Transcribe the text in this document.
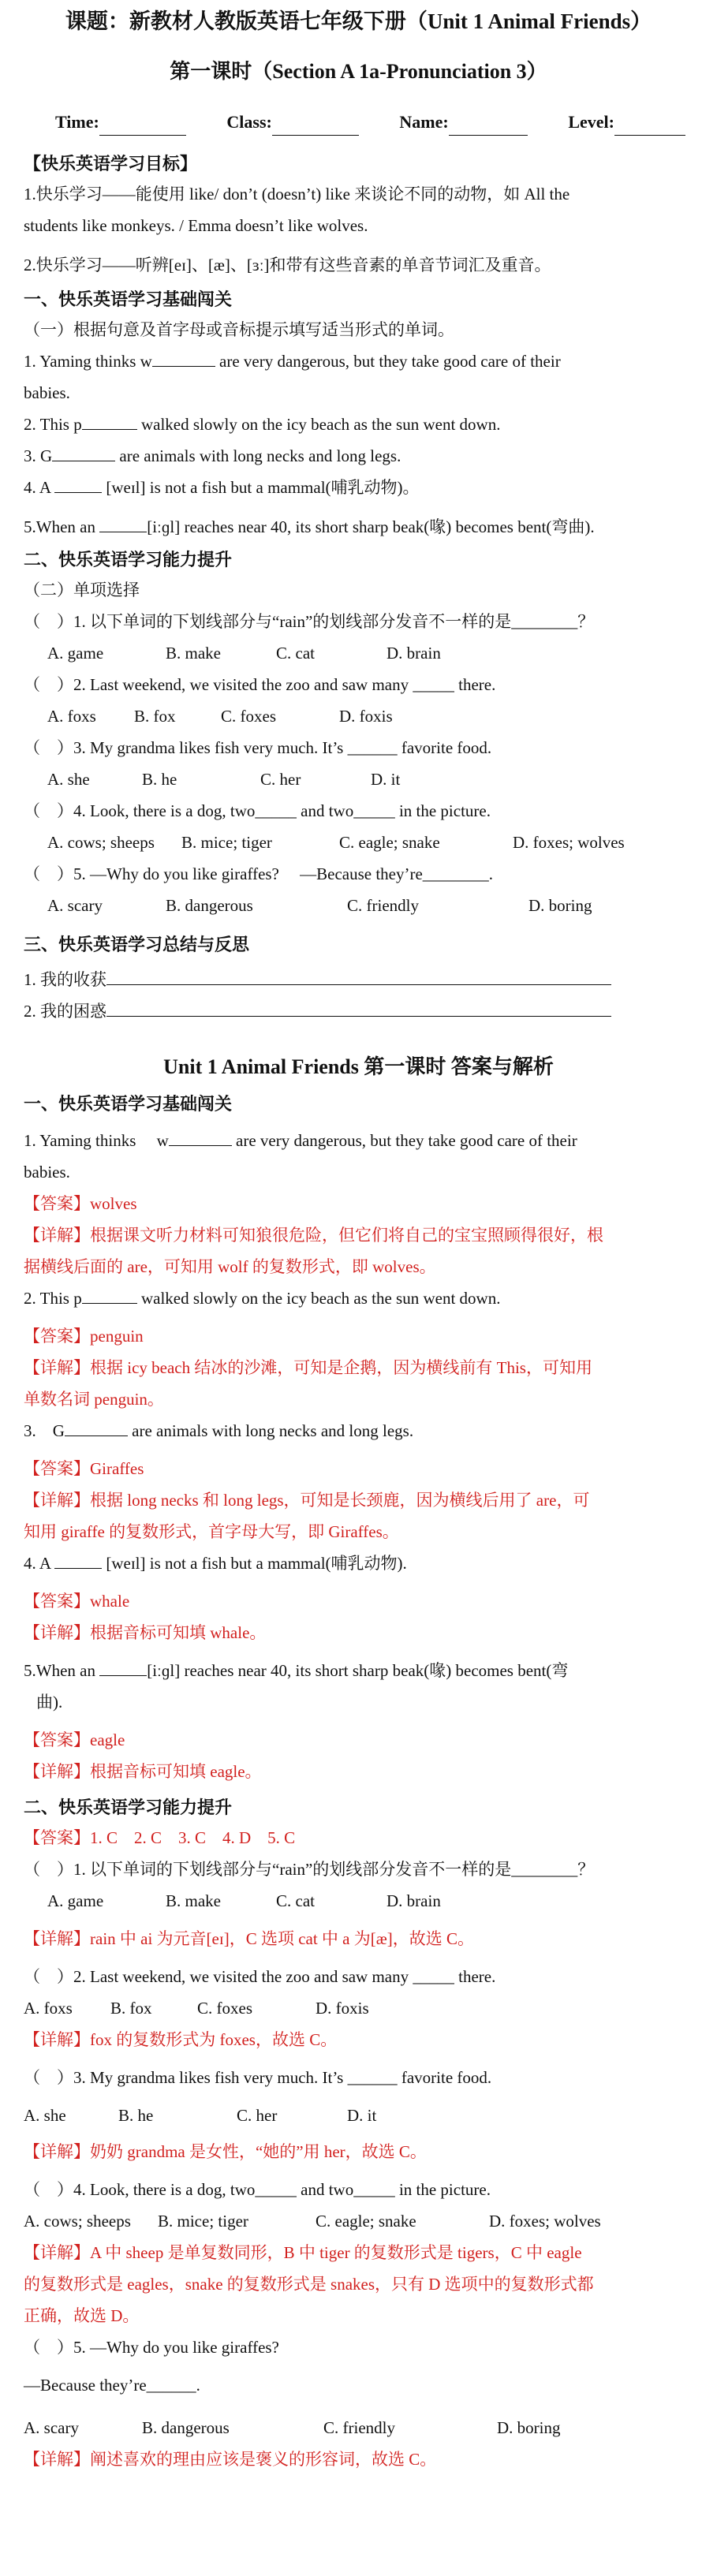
课题：新教材人教版英语七年级下册（Unit 1 Animal Friends）

第一课时（Section A 1a-Pronunciation 3）

Time:	Class:	Name:	Level:

【快乐英语学习目标】

1.快乐学习——能使用 like/ don’t (doesn’t) like 来谈论不同的动物，如 All the

students like monkeys. / Emma doesn’t like wolves.

2.快乐学习——听辨[eɪ]、[æ]、[ɜː]和带有这些音素的单音节词汇及重音。

一、快乐英语学习基础闯关

（一）根据句意及首字母或音标提示填写适当形式的单词。

1. Yaming thinks w	are very dangerous, but they take good care of their

babies.

2. This p	walked slowly on the icy beach as the sun went down.

3. G	are animals with long necks and long legs.

4. A	[weɪl] is not a fish but a mammal(哺乳动物)。

5.When an	[iːɡl] reaches near 40, its short sharp beak(喙) becomes bent(弯曲).

二、快乐英语学习能力提升

（二）单项选择

（　）1. 以下单词的下划线部分与“rain”的划线部分发音不一样的是________？

A. game	B. make	C. cat	D. brain

（　）2. Last weekend, we visited the zoo and saw many _____ there.

A. foxs	B. fox	C. foxes	D. foxis

（　）3. My grandma likes fish very much. It’s ______ favorite food.

A. she	B. he	C. her	D. it

（　）4. Look, there is a dog, two_____ and two_____ in the picture.

A. cows; sheeps	B. mice; tiger	C. eagle; snake	D. foxes; wolves

（　）5. —Why do you like giraffes?　 —Because they’re________.

A. scary	B. dangerous	C. friendly	D. boring

三、快乐英语学习总结与反思

1. 我的收获

2. 我的困惑

Unit 1 Animal Friends 第一课时 答案与解析

一、快乐英语学习基础闯关

1. Yaming thinks　 w	are very dangerous, but they take good care of their

babies.

【答案】wolves

【详解】根据课文听力材料可知狼很危险，但它们将自己的宝宝照顾得很好，根

据横线后面的 are，可知用 wolf 的复数形式，即 wolves。

2. This p	walked slowly on the icy beach as the sun went down.

【答案】penguin

【详解】根据 icy beach 结冰的沙滩，可知是企鹅，因为横线前有 This，可知用

单数名词 penguin。

3.　G	are animals with long necks and long legs.

【答案】Giraffes

【详解】根据 long necks 和 long legs，可知是长颈鹿，因为横线后用了 are，可

知用 giraffe 的复数形式，首字母大写，即 Giraffes。

4. A	[weɪl] is not a fish but a mammal(哺乳动物).

【答案】whale

【详解】根据音标可知填 whale。

5.When an	[iːɡl] reaches near 40, its short sharp beak(喙) becomes bent(弯

曲).

【答案】eagle

【详解】根据音标可知填 eagle。

二、快乐英语学习能力提升

【答案】1. C　2. C　3. C　4. D　5. C

（　）1. 以下单词的下划线部分与“rain”的划线部分发音不一样的是________？

A. game	B. make	C. cat	D. brain

【详解】rain 中 ai 为元音[eɪ]，C 选项 cat 中 a 为[æ]，故选 C。

（　）2. Last weekend, we visited the zoo and saw many _____ there.

A. foxs	B. fox	C. foxes	D. foxis

【详解】fox 的复数形式为 foxes，故选 C。

（　）3. My grandma likes fish very much. It’s ______ favorite food.

A. she	B. he	C. her	D. it

【详解】奶奶 grandma 是女性，“她的”用 her，故选 C。

（　）4. Look, there is a dog, two_____ and two_____ in the picture.

A. cows; sheeps	B. mice; tiger	C. eagle; snake	D. foxes; wolves

【详解】A 中 sheep 是单复数同形，B 中 tiger 的复数形式是 tigers，C 中 eagle

的复数形式是 eagles，snake 的复数形式是 snakes，只有 D 选项中的复数形式都

正确，故选 D。

（　）5. —Why do you like giraffes?

—Because they’re______.

A. scary	B. dangerous	C. friendly	D. boring

【详解】阐述喜欢的理由应该是褒义的形容词，故选 C。
